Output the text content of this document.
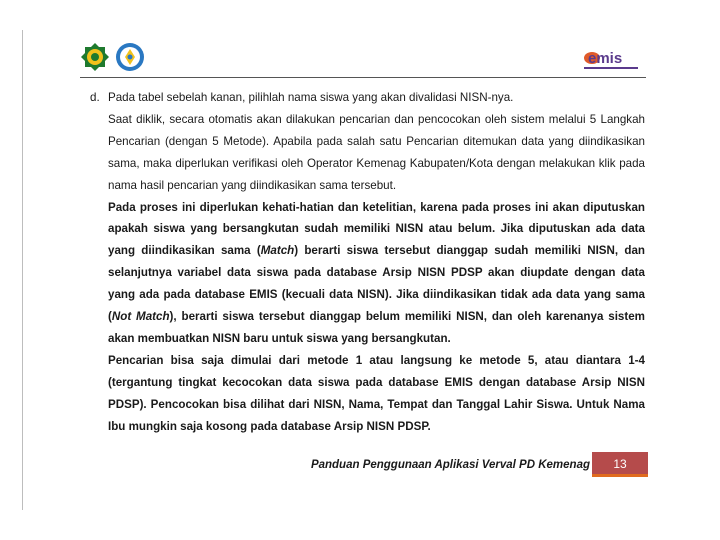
emis

d. Pada tabel sebelah kanan, pilihlah nama siswa yang akan divalidasi NISN-nya.

Saat diklik, secara otomatis akan dilakukan pencarian dan pencocokan oleh sistem melalui 5 Langkah Pencarian (dengan 5 Metode). Apabila pada salah satu Pencarian ditemukan data yang diindikasikan sama, maka diperlukan verifikasi oleh Operator Kemenag Kabupaten/Kota dengan melakukan klik pada nama hasil pencarian yang diindikasikan sama tersebut.

Pada proses ini diperlukan kehati-hatian dan ketelitian, karena pada proses ini akan diputuskan apakah siswa yang bersangkutan sudah memiliki NISN atau belum. Jika diputuskan ada data yang diindikasikan sama (Match) berarti siswa tersebut dianggap sudah memiliki NISN, dan selanjutnya variabel data siswa pada database Arsip NISN PDSP akan diupdate dengan data yang ada pada database EMIS (kecuali data NISN). Jika diindikasikan tidak ada data yang sama (Not Match), berarti siswa tersebut dianggap belum memiliki NISN, dan oleh karenanya sistem akan membuatkan NISN baru untuk siswa yang bersangkutan.

Pencarian bisa saja dimulai dari metode 1 atau langsung ke metode 5, atau diantara 1-4 (tergantung tingkat kecocokan data siswa pada database EMIS dengan database Arsip NISN PDSP). Pencocokan bisa dilihat dari NISN, Nama, Tempat dan Tanggal Lahir Siswa. Untuk Nama Ibu mungkin saja kosong pada database Arsip NISN PDSP.

Panduan Penggunaan Aplikasi Verval PD Kemenag	13
